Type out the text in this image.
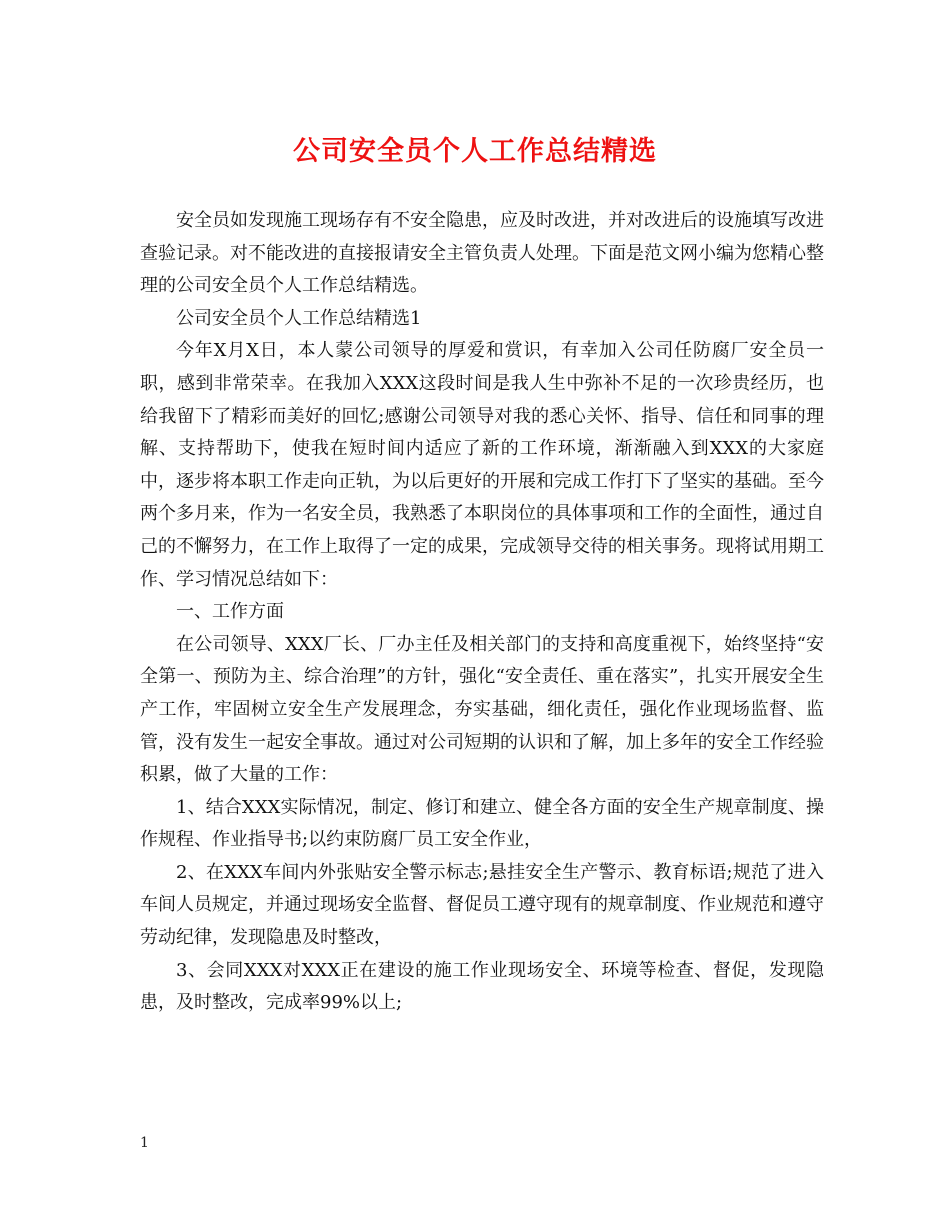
公司安全员个人工作总结精选

安全员如发现施工现场存有不安全隐患，应及时改进，并对改进后的设施填写改进查验记录。对不能改进的直接报请安全主管负责人处理。下面是范文网小编为您精心整理的公司安全员个人工作总结精选。

公司安全员个人工作总结精选1

今年X月X日，本人蒙公司领导的厚爱和赏识，有幸加入公司任防腐厂安全员一职，感到非常荣幸。在我加入XXX这段时间是我人生中弥补不足的一次珍贵经历，也给我留下了精彩而美好的回忆;感谢公司领导对我的悉心关怀、指导、信任和同事的理解、支持帮助下，使我在短时间内适应了新的工作环境，渐渐融入到XXX的大家庭中，逐步将本职工作走向正轨，为以后更好的开展和完成工作打下了坚实的基础。至今两个多月来，作为一名安全员，我熟悉了本职岗位的具体事项和工作的全面性，通过自己的不懈努力，在工作上取得了一定的成果，完成领导交待的相关事务。现将试用期工作、学习情况总结如下：

一、工作方面

在公司领导、XXX厂长、厂办主任及相关部门的支持和高度重视下，始终坚持“安全第一、预防为主、综合治理”的方针，强化“安全责任、重在落实”，扎实开展安全生产工作，牢固树立安全生产发展理念，夯实基础，细化责任，强化作业现场监督、监管，没有发生一起安全事故。通过对公司短期的认识和了解，加上多年的安全工作经验积累，做了大量的工作：

1、结合XXX实际情况，制定、修订和建立、健全各方面的安全生产规章制度、操作规程、作业指导书;以约束防腐厂员工安全作业，

2、在XXX车间内外张贴安全警示标志;悬挂安全生产警示、教育标语;规范了进入车间人员规定，并通过现场安全监督、督促员工遵守现有的规章制度、作业规范和遵守劳动纪律，发现隐患及时整改，

3、会同XXX对XXX正在建设的施工作业现场安全、环境等检查、督促，发现隐患，及时整改，完成率99%以上;

1
